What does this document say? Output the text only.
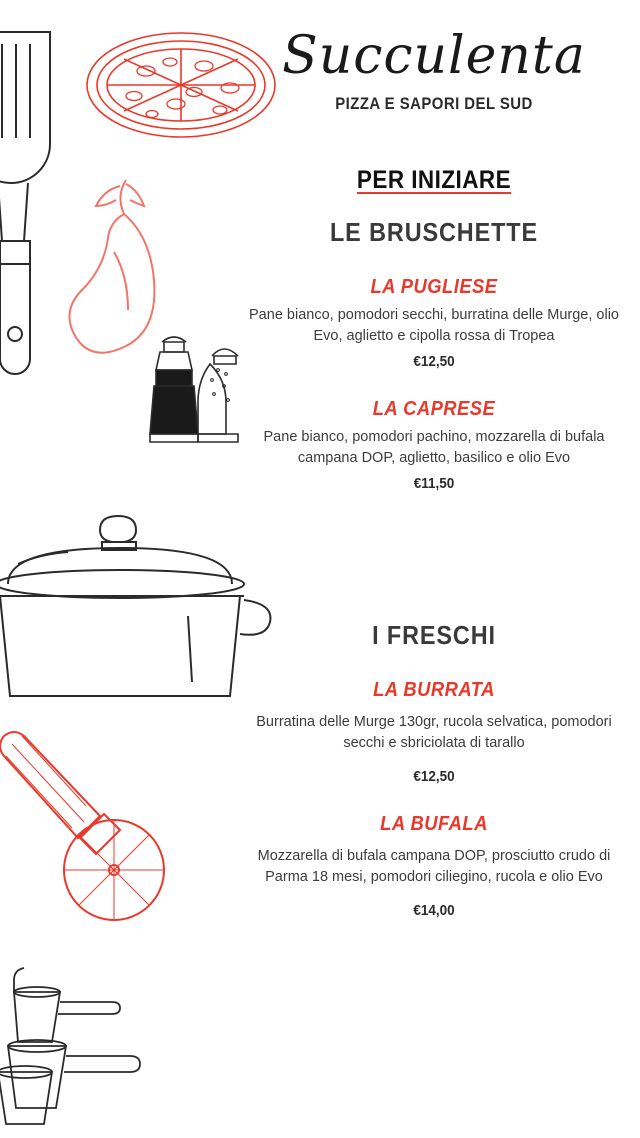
Succulenta
PIZZA E SAPORI DEL SUD
PER INIZIARE
LE BRUSCHETTE
LA PUGLIESE
Pane bianco, pomodori secchi, burratina delle Murge, olio Evo, aglietto e cipolla rossa di Tropea
€12,50
LA CAPRESE
Pane bianco, pomodori pachino, mozzarella di bufala campana DOP, aglietto, basilico e olio Evo
€11,50
I FRESCHI
LA BURRATA
Burratina delle Murge 130gr, rucola selvatica, pomodori secchi e sbriciolata di tarallo
€12,50
LA BUFALA
Mozzarella di bufala campana DOP, prosciutto crudo di Parma 18 mesi, pomodori ciliegino, rucola e olio Evo
€14,00
